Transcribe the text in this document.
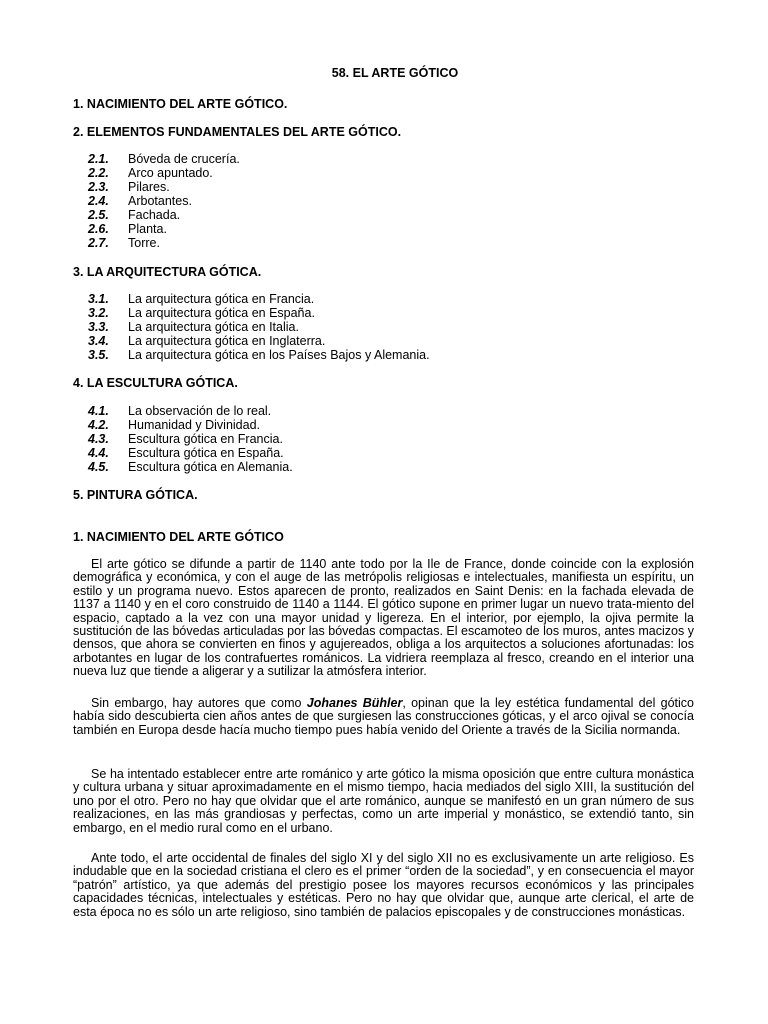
58. EL ARTE GÓTICO

1. NACIMIENTO DEL ARTE GÓTICO.

2. ELEMENTOS FUNDAMENTALES DEL ARTE GÓTICO.

2.1. Bóveda de crucería.
2.2. Arco apuntado.
2.3. Pilares.
2.4. Arbotantes.
2.5. Fachada.
2.6. Planta.
2.7. Torre.

3. LA ARQUITECTURA GÓTICA.

3.1. La arquitectura gótica en Francia.
3.2. La arquitectura gótica en España.
3.3. La arquitectura gótica en Italia.
3.4. La arquitectura gótica en Inglaterra.
3.5. La arquitectura gótica en los Países Bajos y Alemania.

4. LA ESCULTURA GÓTICA.

4.1. La observación de lo real.
4.2. Humanidad y Divinidad.
4.3. Escultura gótica en Francia.
4.4. Escultura gótica en España.
4.5. Escultura gótica en Alemania.

5. PINTURA GÓTICA.

1. NACIMIENTO DEL ARTE GÓTICO

El arte gótico se difunde a partir de 1140 ante todo por la Ile de France, donde coincide con la explosión demográfica y económica, y con el auge de las metrópolis religiosas e intelectuales, manifiesta un espíritu, un estilo y un programa nuevo. Estos aparecen de pronto, realizados en Saint Denis: en la fachada elevada de 1137 a 1140 y en el coro construido de 1140 a 1144. El gótico supone en primer lugar un nuevo trata-miento del espacio, captado a la vez con una mayor unidad y ligereza. En el interior, por ejemplo, la ojiva permite la sustitución de las bóvedas articuladas por las bóvedas compactas. El escamoteo de los muros, antes macizos y densos, que ahora se convierten en finos y agujereados, obliga a los arquitectos a soluciones afortunadas: los arbotantes en lugar de los contrafuertes románicos. La vidriera reemplaza al fresco, creando en el interior una nueva luz que tiende a aligerar y a sutilizar la atmósfera interior.

Sin embargo, hay autores que como Johanes Bühler, opinan que la ley estética fundamental del gótico había sido descubierta cien años antes de que surgiesen las construcciones góticas, y el arco ojival se conocía también en Europa desde hacía mucho tiempo pues había venido del Oriente a través de la Sicilia normanda.

Se ha intentado establecer entre arte románico y arte gótico la misma oposición que entre cultura monástica y cultura urbana y situar aproximadamente en el mismo tiempo, hacia mediados del siglo XIII, la sustitución del uno por el otro. Pero no hay que olvidar que el arte románico, aunque se manifestó en un gran número de sus realizaciones, en las más grandiosas y perfectas, como un arte imperial y monástico, se extendió tanto, sin embargo, en el medio rural como en el urbano.

Ante todo, el arte occidental de finales del siglo XI y del siglo XII no es exclusivamente un arte religioso. Es indudable que en la sociedad cristiana el clero es el primer “orden de la sociedad”, y en consecuencia el mayor “patrón” artístico, ya que además del prestigio posee los mayores recursos económicos y las principales capacidades técnicas, intelectuales y estéticas. Pero no hay que olvidar que, aunque arte clerical, el arte de esta época no es sólo un arte religioso, sino también de palacios episcopales y de construcciones monásticas.
